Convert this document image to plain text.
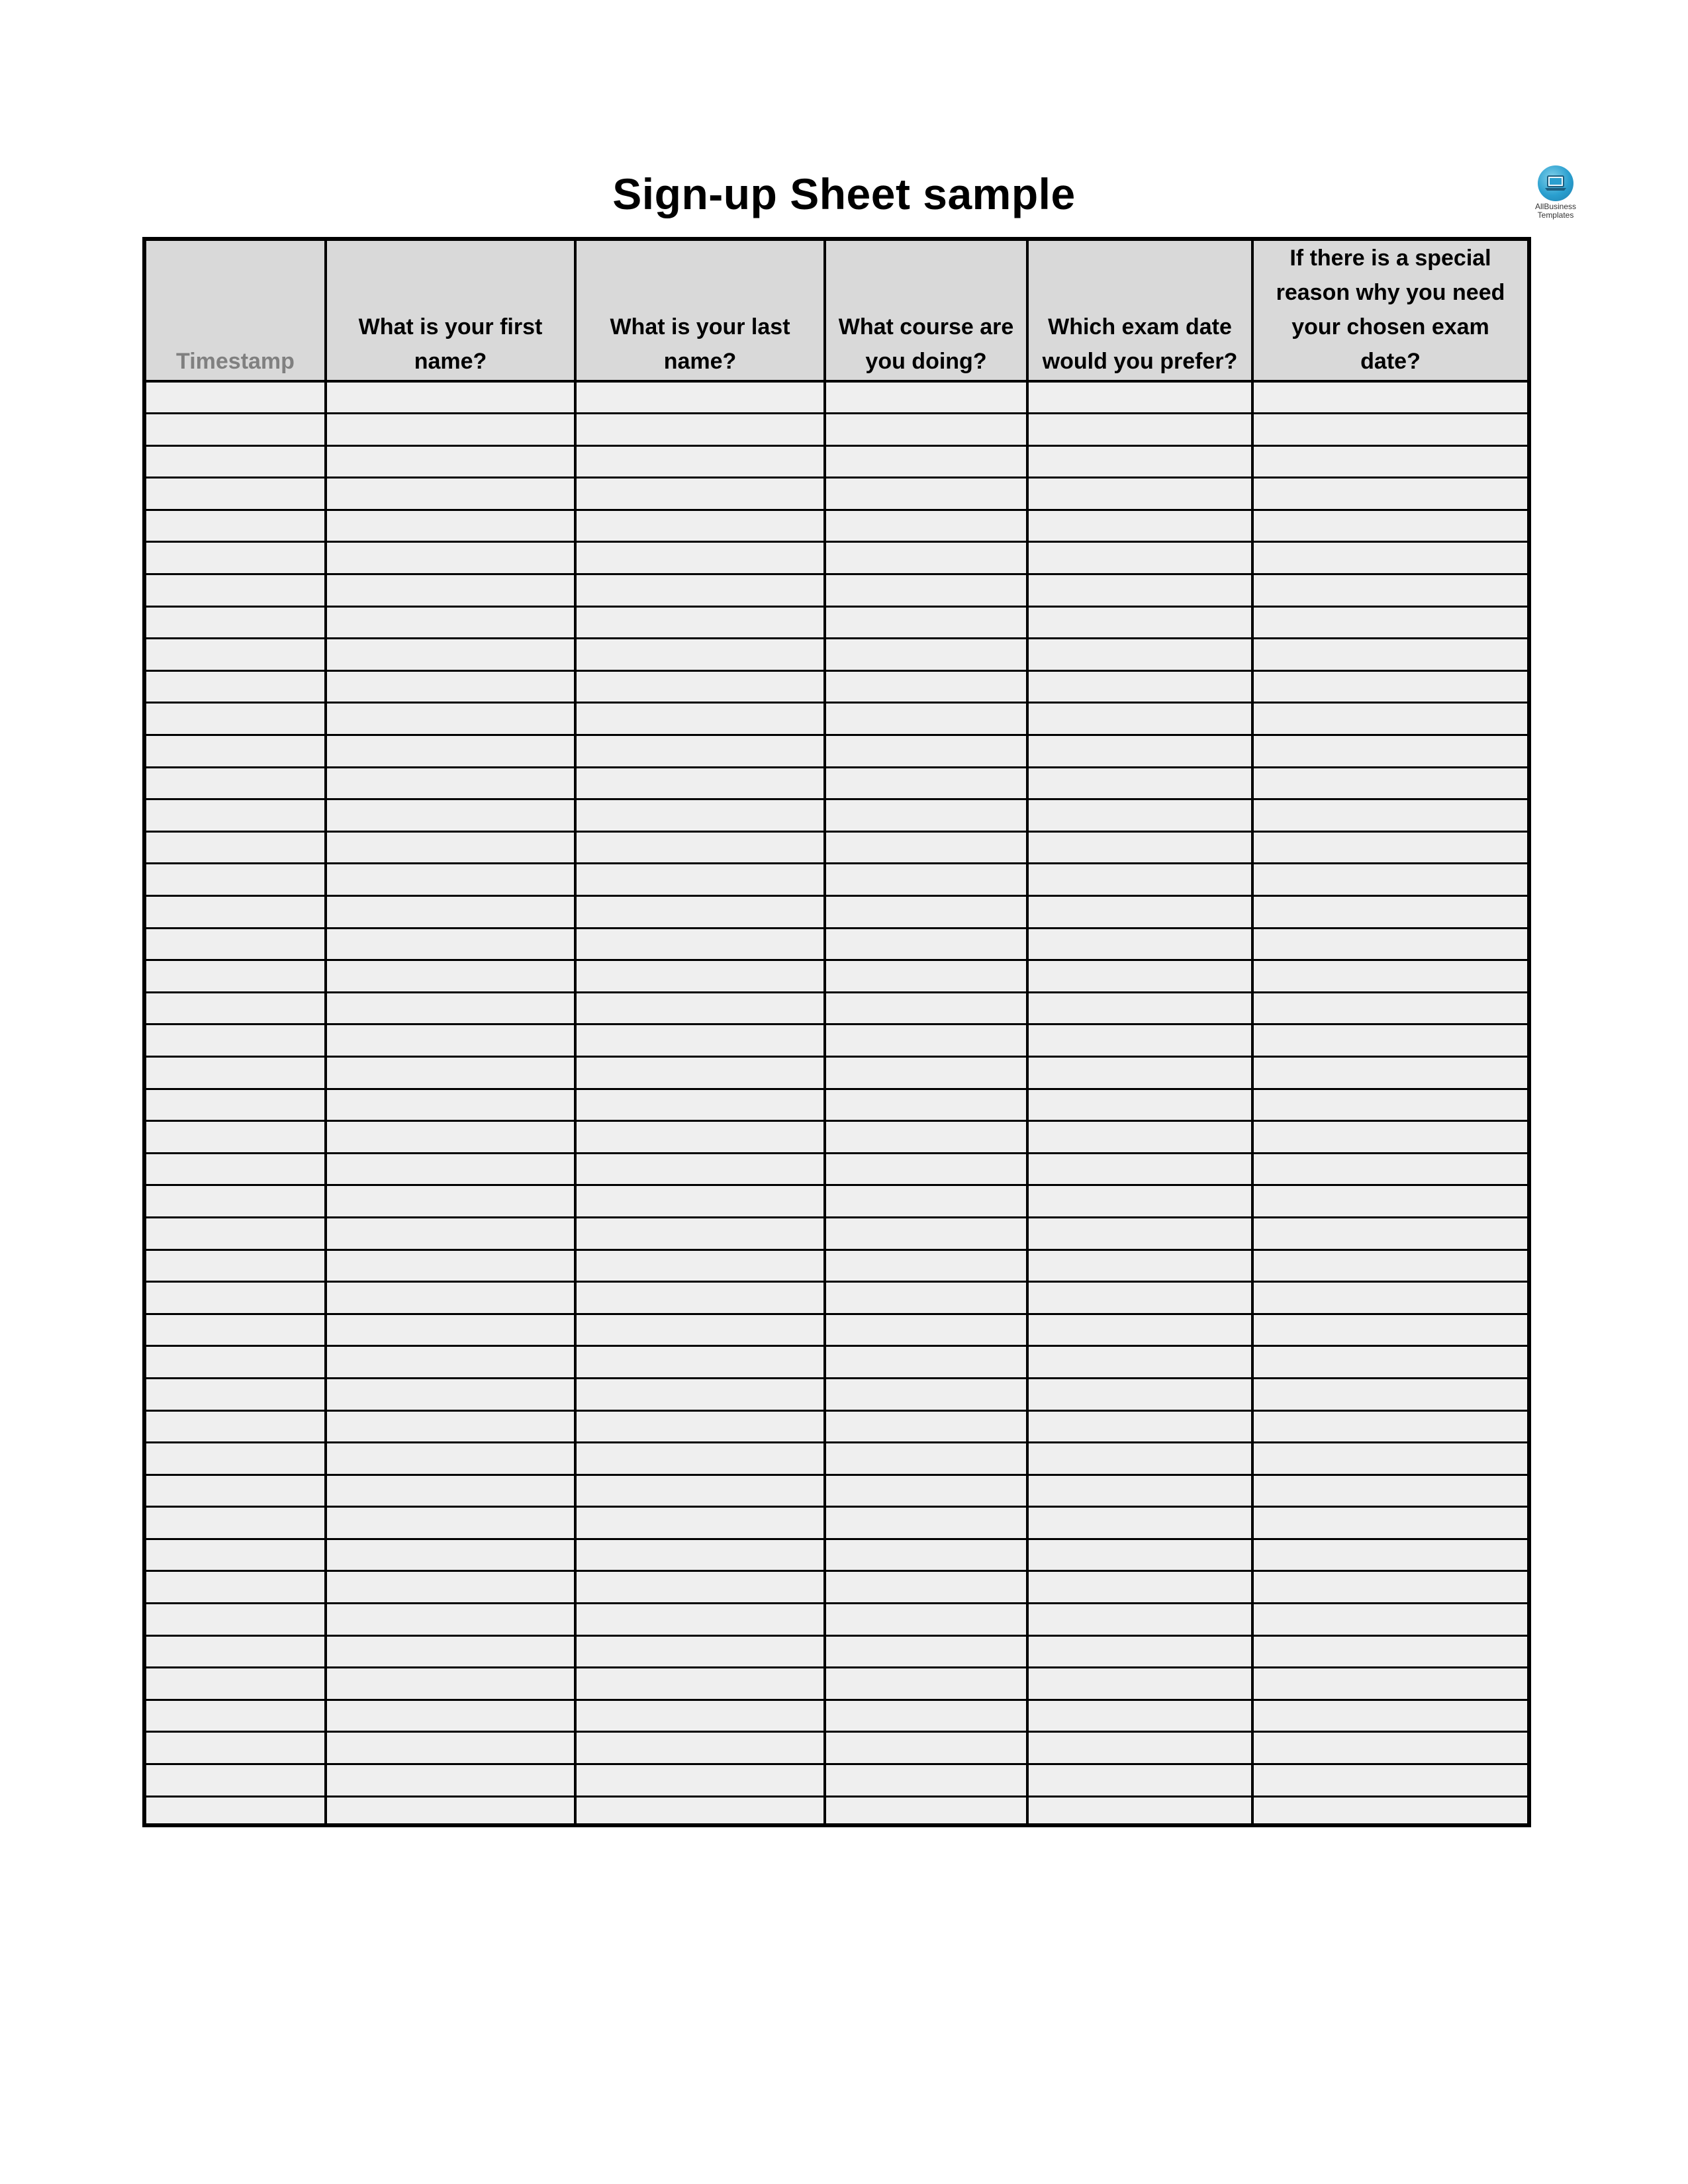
Sign-up Sheet sample	AllBusiness
Templates
Timestamp	What is your first name?	What is your last name?	What course are you doing?	Which exam date would you prefer?	If there is a special reason why you need your chosen exam date?
